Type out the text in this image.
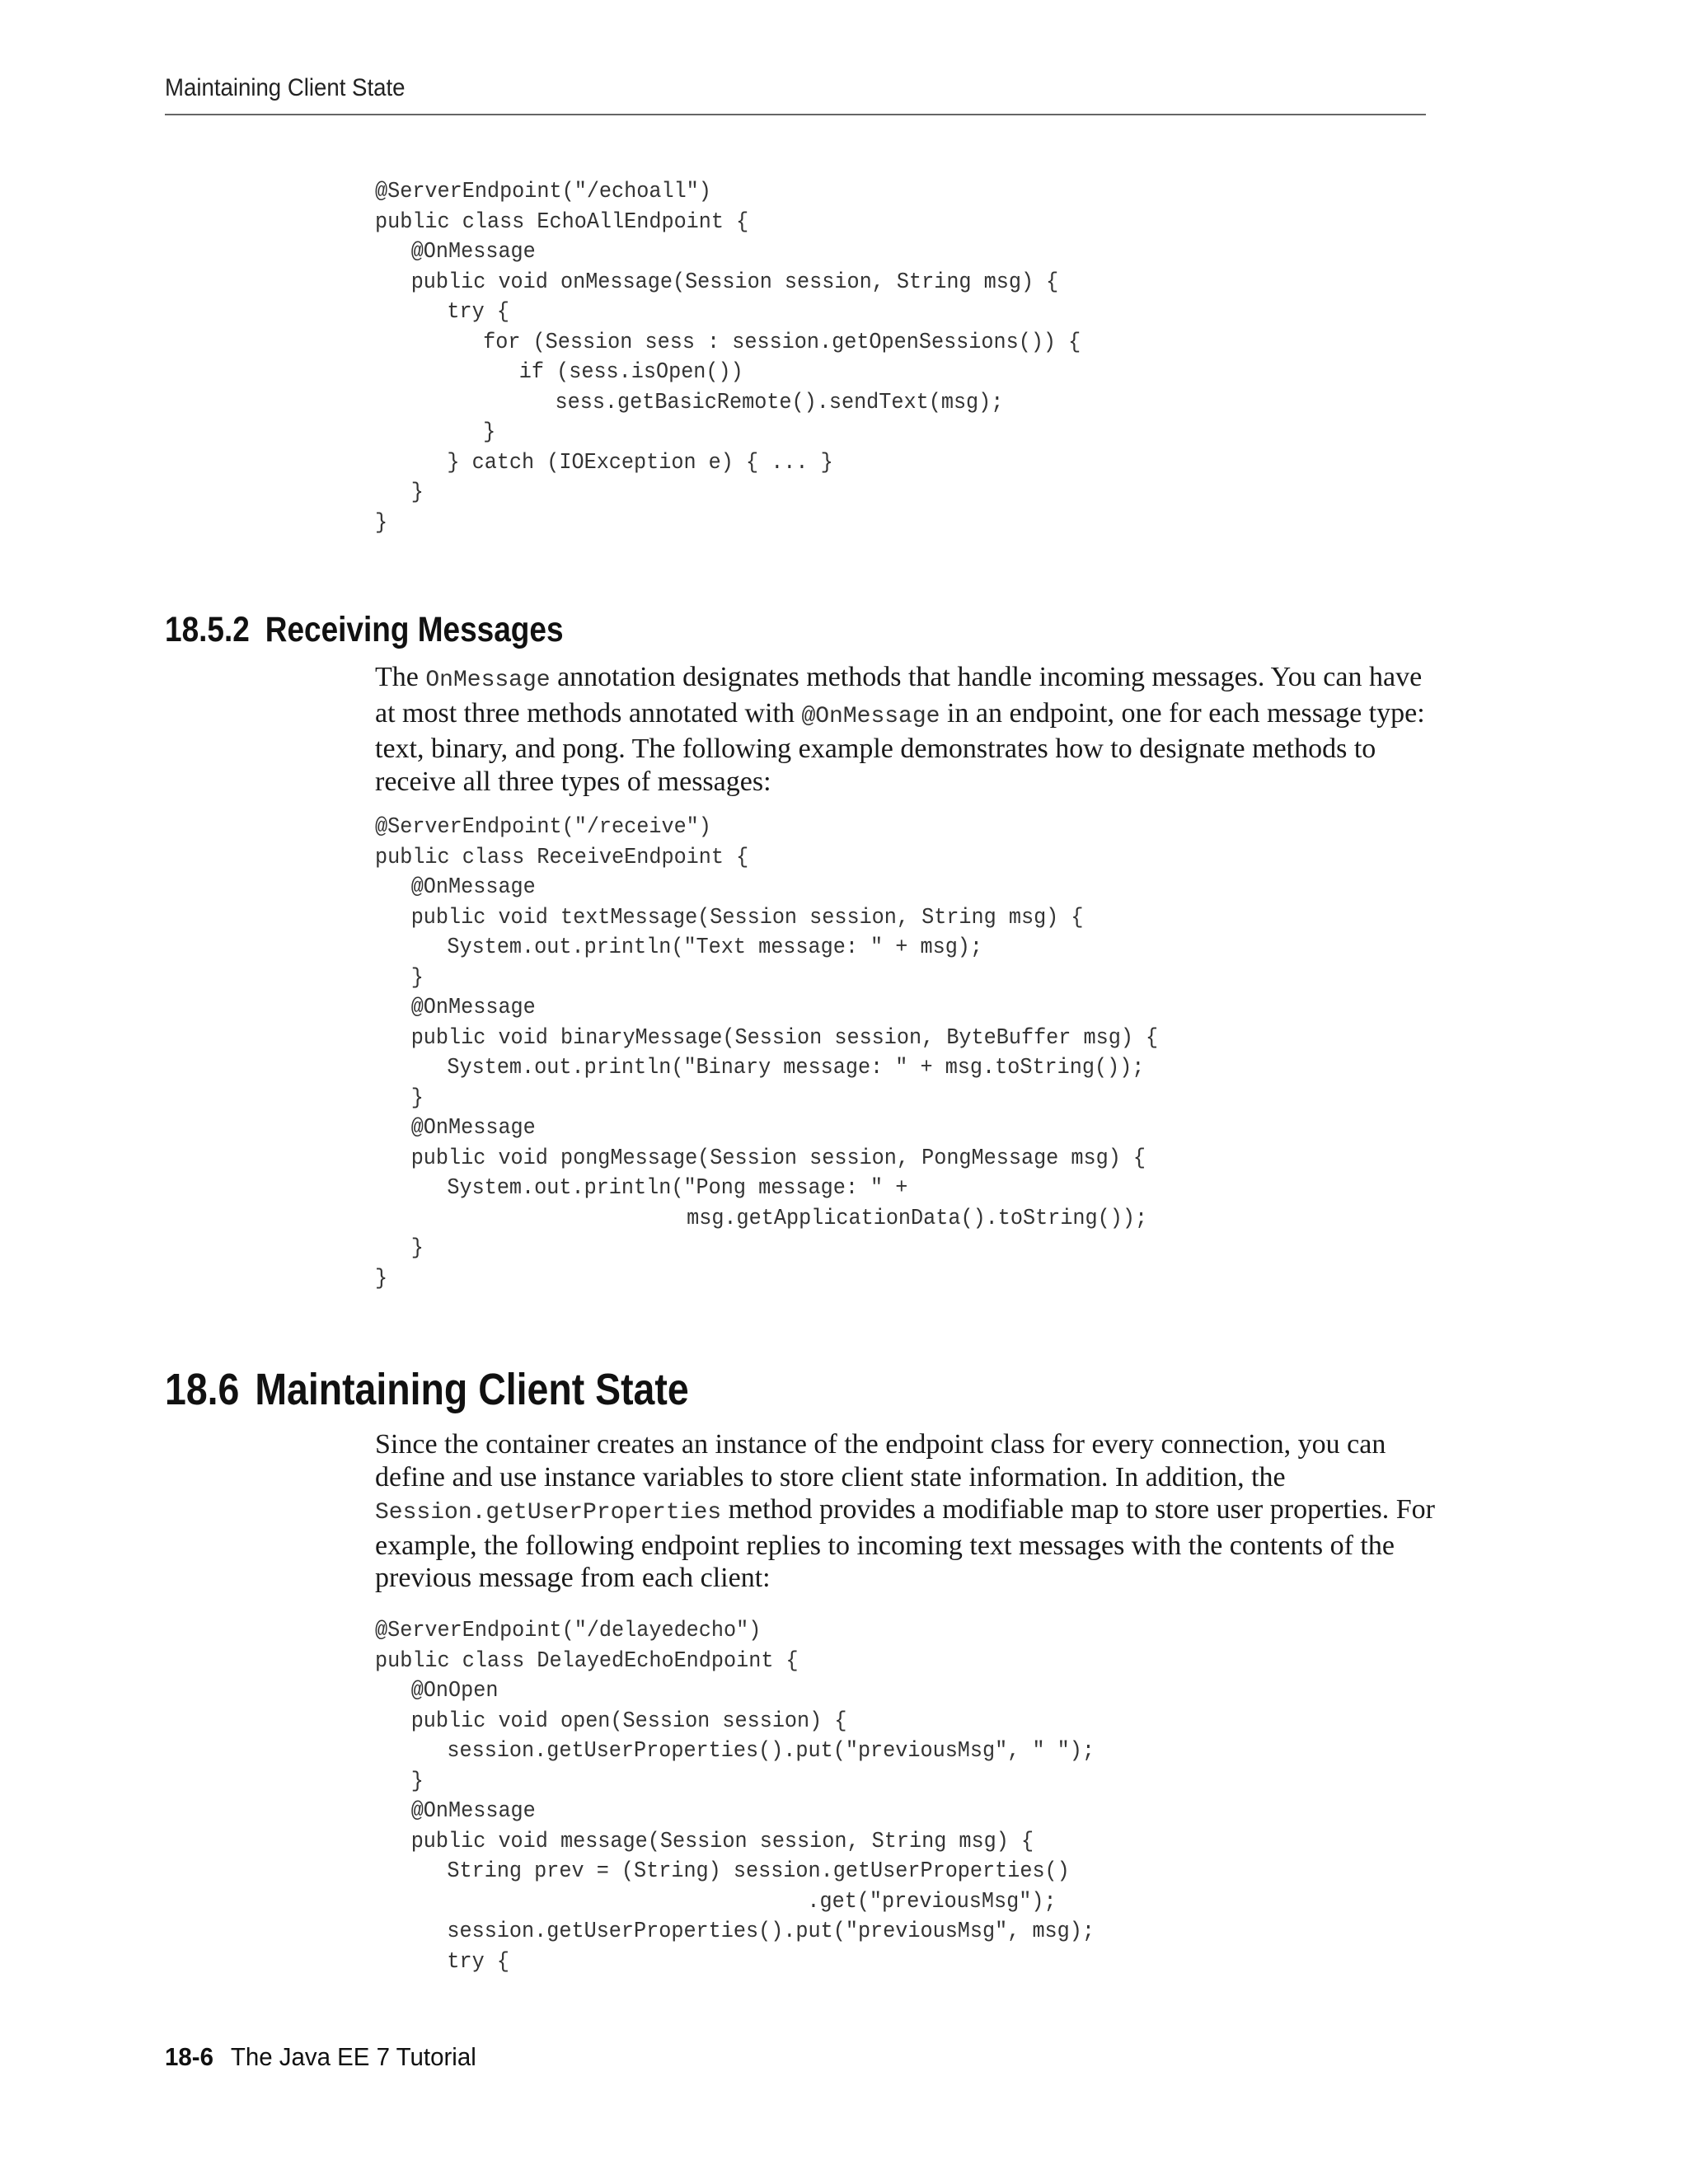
Maintaining Client State
@ServerEndpoint("/echoall")
public class EchoAllEndpoint {
@OnMessage
public void onMessage(Session session, String msg) {
try {
for (Session sess : session.getOpenSessions()) {
if (sess.isOpen())
sess.getBasicRemote().sendText(msg);
}
} catch (IOException e) { ... }
}
}
18.5.2 Receiving Messages

The OnMessage annotation designates methods that handle incoming messages. You can have at most three methods annotated with @OnMessage in an endpoint, one for each message type: text, binary, and pong. The following example demonstrates how to designate methods to receive all three types of messages:

@ServerEndpoint("/receive")
public class ReceiveEndpoint {
@OnMessage
public void textMessage(Session session, String msg) {
System.out.println("Text message: " + msg);
}
@OnMessage
public void binaryMessage(Session session, ByteBuffer msg) {
System.out.println("Binary message: " + msg.toString());
}
@OnMessage
public void pongMessage(Session session, PongMessage msg) {
System.out.println("Pong message: " +
msg.getApplicationData().toString());
}
}
18.6 Maintaining Client State

Since the container creates an instance of the endpoint class for every connection, you can define and use instance variables to store client state information. In addition, the Session.getUserProperties method provides a modifiable map to store user properties. For example, the following endpoint replies to incoming text messages with the contents of the previous message from each client:

@ServerEndpoint("/delayedecho")
public class DelayedEchoEndpoint {
@OnOpen
public void open(Session session) {
session.getUserProperties().put("previousMsg", " ");
}
@OnMessage
public void message(Session session, String msg) {
String prev = (String) session.getUserProperties()
.get("previousMsg");
session.getUserProperties().put("previousMsg", msg);
try {
18-6 The Java EE 7 Tutorial
